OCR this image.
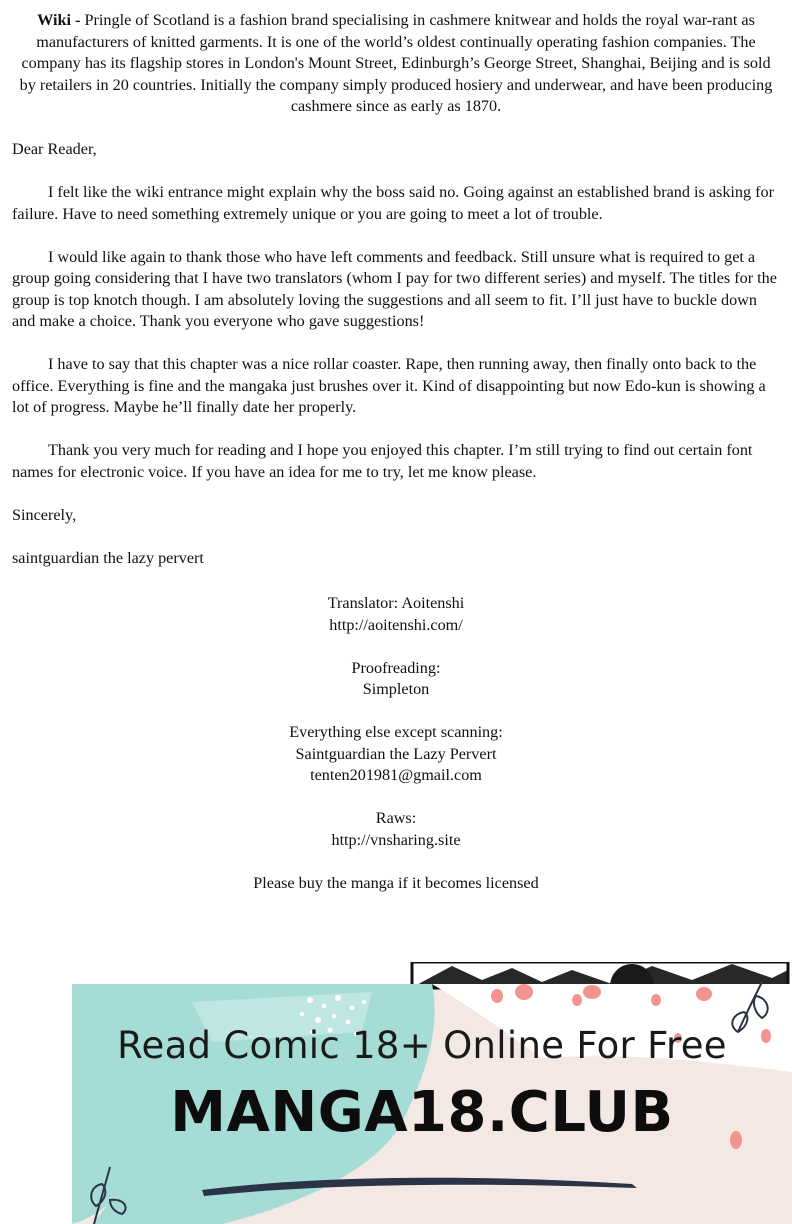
Wiki - Pringle of Scotland is a fashion brand specialising in cashmere knitwear and holds the royal war-rant as manufacturers of knitted garments. It is one of the world’s oldest continually operating fashion companies. The company has its flagship stores in London's Mount Street, Edinburgh’s George Street, Shanghai, Beijing and is sold by retailers in 20 countries. Initially the company simply produced hosiery and underwear, and have been producing cashmere since as early as 1870.

Dear Reader,

I felt like the wiki entrance might explain why the boss said no. Going against an established brand is asking for failure. Have to need something extremely unique or you are going to meet a lot of trouble.

I would like again to thank those who have left comments and feedback. Still unsure what is required to get a group going considering that I have two translators (whom I pay for two different series) and myself. The titles for the group is top knotch though. I am absolutely loving the suggestions and all seem to fit. I’ll just have to buckle down and make a choice. Thank you everyone who gave suggestions!

I have to say that this chapter was a nice rollar coaster. Rape, then running away, then finally onto back to the office. Everything is fine and the mangaka just brushes over it. Kind of disappointing but now Edo-kun is showing a lot of progress. Maybe he’ll finally date her properly.

Thank you very much for reading and I hope you enjoyed this chapter. I’m still trying to find out certain font names for electronic voice. If you have an idea for me to try, let me know please.

Sincerely,

saintguardian the lazy pervert

Translator: Aoitenshi
http://aoitenshi.com/
Proofreading:
Simpleton
Everything else except scanning:
Saintguardian the Lazy Pervert
tenten201981@gmail.com
Raws:
http://vnsharing.site
Please buy the manga if it becomes licensed
Read Comic 18+ Online For Free
MANGA18.CLUB
